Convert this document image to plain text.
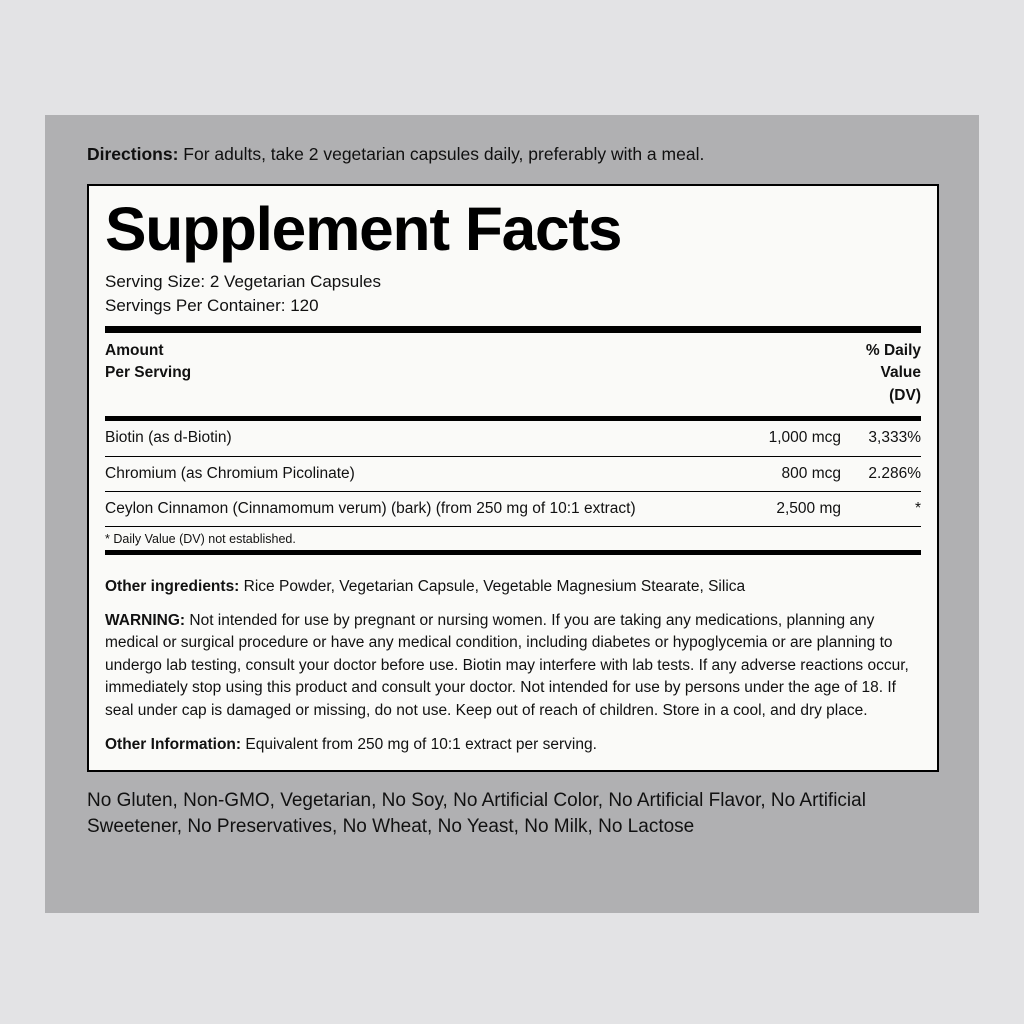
Directions: For adults, take 2 vegetarian capsules daily, preferably with a meal.
Supplement Facts
Serving Size: 2 Vegetarian Capsules
Servings Per Container: 120
Amount
Per Serving		% Daily
Value
(DV)
Biotin (as d-Biotin)	1,000 mcg	3,333%
Chromium (as Chromium Picolinate)	800 mcg	2.286%
Ceylon Cinnamon (Cinnamomum verum) (bark) (from 250 mg of 10:1 extract)	2,500 mg	*
* Daily Value (DV) not established.
Other ingredients: Rice Powder, Vegetarian Capsule, Vegetable Magnesium Stearate, Silica
WARNING: Not intended for use by pregnant or nursing women. If you are taking any medications, planning any medical or surgical procedure or have any medical condition, including diabetes or hypoglycemia or are planning to undergo lab testing, consult your doctor before use. Biotin may interfere with lab tests. If any adverse reactions occur, immediately stop using this product and consult your doctor. Not intended for use by persons under the age of 18. If seal under cap is damaged or missing, do not use. Keep out of reach of children. Store in a cool, and dry place.
Other Information: Equivalent from 250 mg of 10:1 extract per serving.
No Gluten, Non-GMO, Vegetarian, No Soy, No Artificial Color, No Artificial Flavor, No Artificial Sweetener, No Preservatives, No Wheat, No Yeast, No Milk, No Lactose
